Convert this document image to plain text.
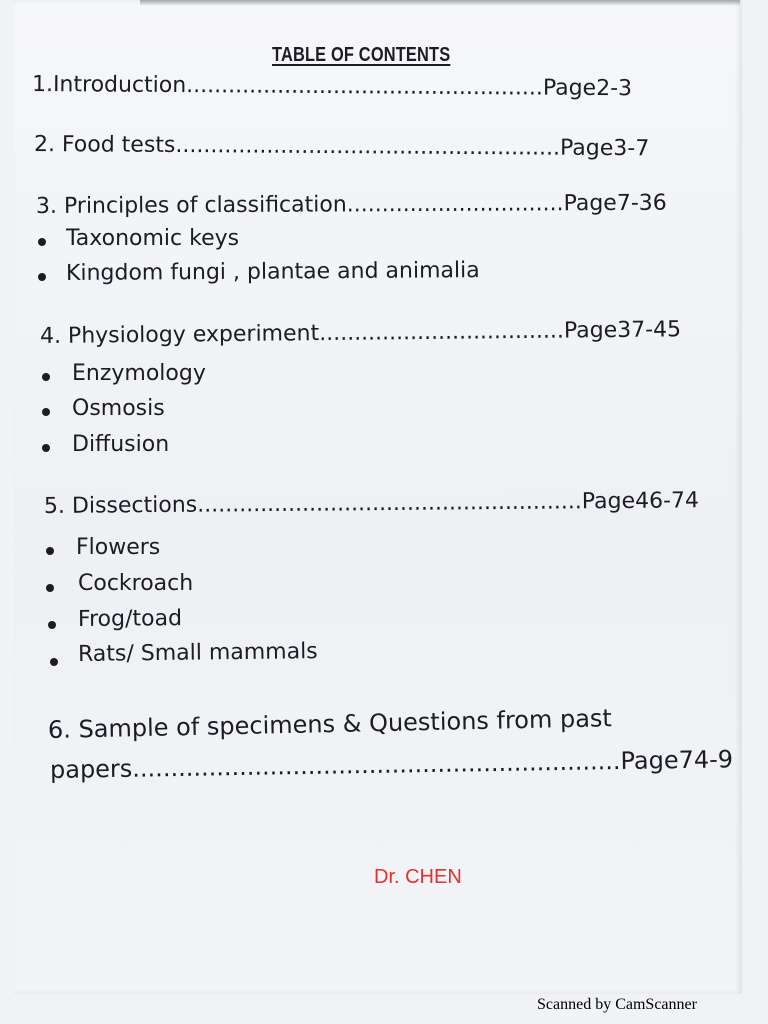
TABLE OF CONTENTS
1.Introduction...................................................Page2-3
2. Food tests.......................................................Page3-7
3. Principles of classification...............................Page7-36
Taxonomic keys
Kingdom fungi , plantae and animalia
4. Physiology experiment...................................Page37-45
Enzymology
Osmosis
Diffusion
5. Dissections.......................................................Page46-74
Flowers
Cockroach
Frog/toad
Rats/ Small mammals
6. Sample of specimens & Questions from past
papers................................................................Page74-9
Dr. CHEN
Scanned by CamScanner
